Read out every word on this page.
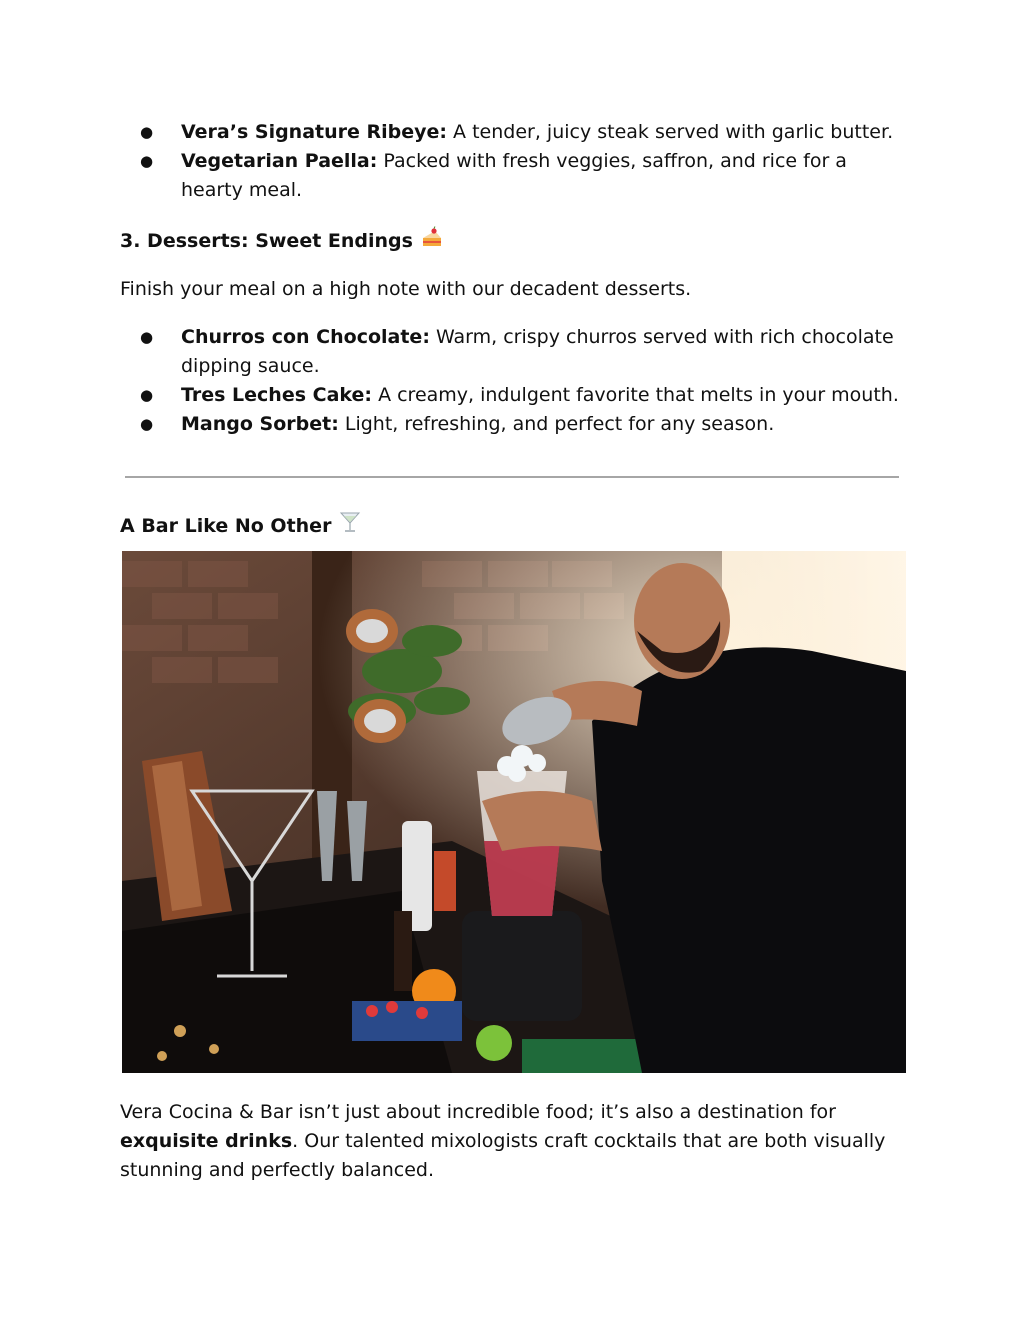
● Vera’s Signature Ribeye: A tender, juicy steak served with garlic butter.
● Vegetarian Paella: Packed with fresh veggies, saffron, and rice for a hearty meal.
3. Desserts: Sweet Endings

Finish your meal on a high note with our decadent desserts.

● Churros con Chocolate: Warm, crispy churros served with rich chocolate dipping sauce.
● Tres Leches Cake: A creamy, indulgent favorite that melts in your mouth.
● Mango Sorbet: Light, refreshing, and perfect for any season.
A Bar Like No Other

Vera Cocina & Bar isn’t just about incredible food; it’s also a destination for exquisite drinks. Our talented mixologists craft cocktails that are both visually stunning and perfectly balanced.
